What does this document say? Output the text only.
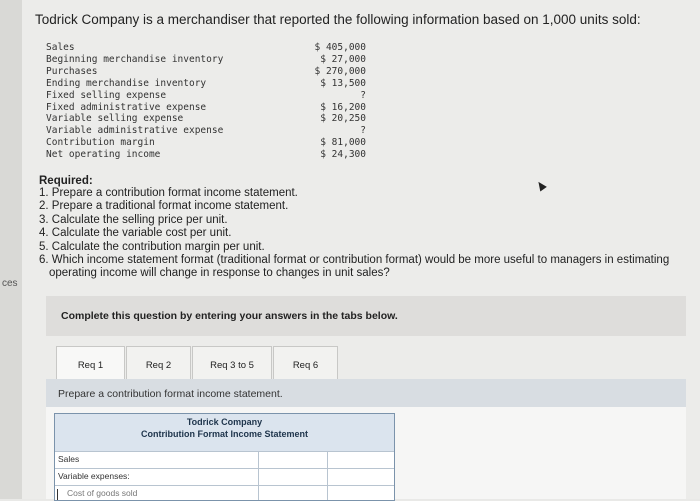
ces
Todrick Company is a merchandiser that reported the following information based on 1,000 units sold:
Sales	$ 405,000
Beginning merchandise inventory	$ 27,000
Purchases	$ 270,000
Ending merchandise inventory	$ 13,500
Fixed selling expense	?
Fixed administrative expense	$ 16,200
Variable selling expense	$ 20,250
Variable administrative expense	?
Contribution margin	$ 81,000
Net operating income	$ 24,300
Required:
1. Prepare a contribution format income statement.
2. Prepare a traditional format income statement.
3. Calculate the selling price per unit.
4. Calculate the variable cost per unit.
5. Calculate the contribution margin per unit.
6. Which income statement format (traditional format or contribution format) would be more useful to managers in estimating
operating income will change in response to changes in unit sales?
Complete this question by entering your answers in the tabs below.
Req 1	Req 2	Req 3 to 5	Req 6
Prepare a contribution format income statement.
Todrick Company
Contribution Format Income Statement
Sales
Variable expenses:
Cost of goods sold
